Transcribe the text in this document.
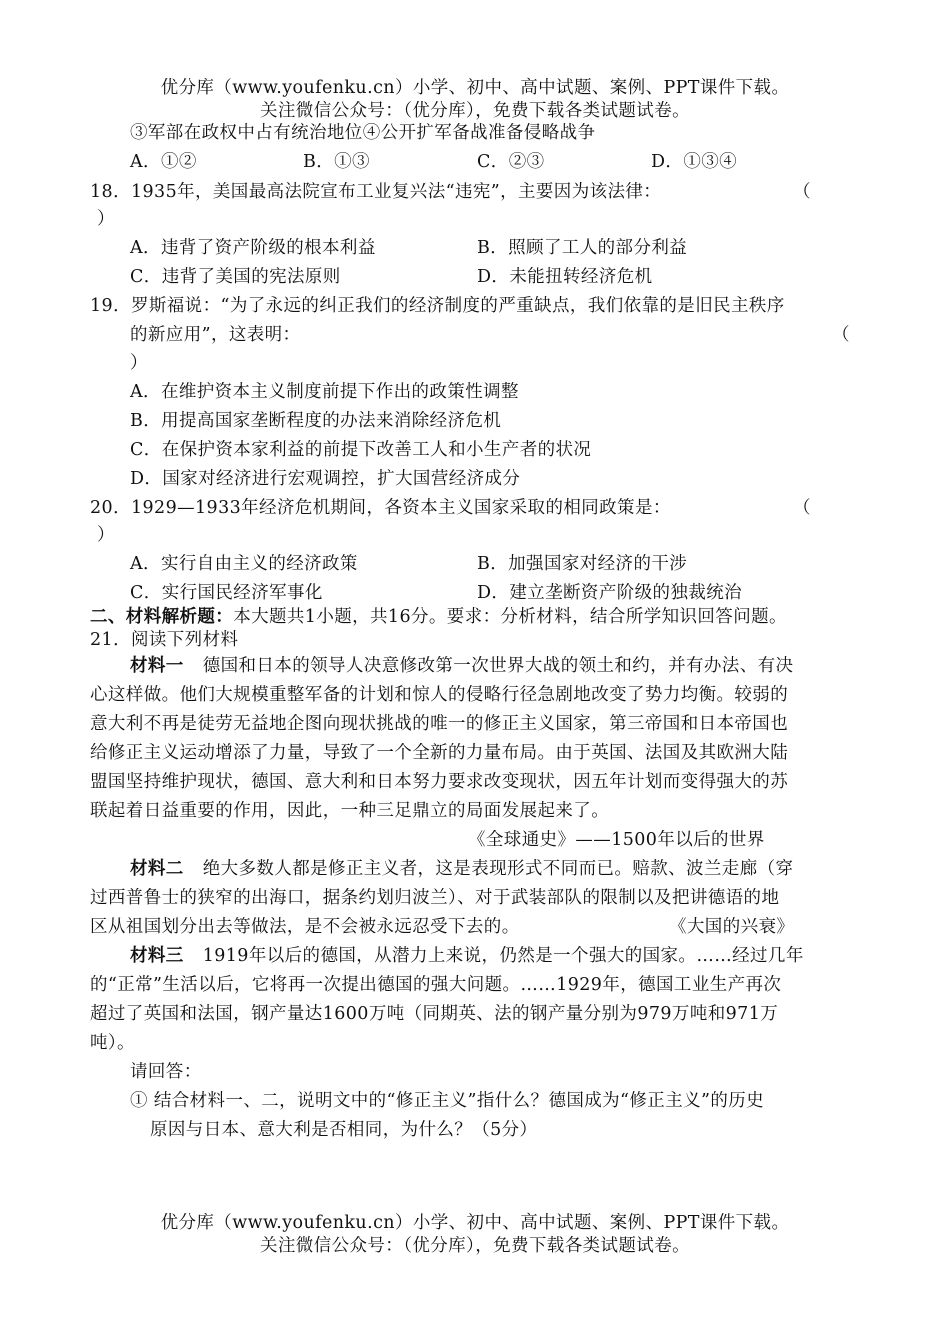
优分库（www.youfenku.cn）小学、初中、高中试题、案例、PPT课件下载。
关注微信公众号：（优分库），免费下载各类试题试卷。
③军部在政权中占有统治地位④公开扩军备战准备侵略战争
A．①②	B．①③	C．②③	D．①③④
18．1935年，美国最高法院宣布工业复兴法“违宪”，主要因为该法律：	（
）
A．违背了资产阶级的根本利益	B．照顾了工人的部分利益
C．违背了美国的宪法原则	D．未能扭转经济危机
19．罗斯福说：“为了永远的纠正我们的经济制度的严重缺点，我们依靠的是旧民主秩序
的新应用”，这表明：	（
）
A．在维护资本主义制度前提下作出的政策性调整
B．用提高国家垄断程度的办法来消除经济危机
C．在保护资本家利益的前提下改善工人和小生产者的状况
D．国家对经济进行宏观调控，扩大国营经济成分
20．1929—1933年经济危机期间，各资本主义国家采取的相同政策是：	（
）
A．实行自由主义的经济政策	B．加强国家对经济的干涉
C．实行国民经济军事化	D．建立垄断资产阶级的独裁统治
二、材料解析题：本大题共1小题，共16分。要求：分析材料，结合所学知识回答问题。
21．阅读下列材料
材料一 德国和日本的领导人决意修改第一次世界大战的领土和约，并有办法、有决
心这样做。他们大规模重整军备的计划和惊人的侵略行径急剧地改变了势力均衡。较弱的
意大利不再是徒劳无益地企图向现状挑战的唯一的修正主义国家，第三帝国和日本帝国也
给修正主义运动增添了力量，导致了一个全新的力量布局。由于英国、法国及其欧洲大陆
盟国坚持维护现状，德国、意大利和日本努力要求改变现状，因五年计划而变得强大的苏
联起着日益重要的作用，因此，一种三足鼎立的局面发展起来了。
《全球通史》——1500年以后的世界
材料二 绝大多数人都是修正主义者，这是表现形式不同而已。赔款、波兰走廊（穿
过西普鲁士的狭窄的出海口，据条约划归波兰）、对于武装部队的限制以及把讲德语的地
区从祖国划分出去等做法，是不会被永远忍受下去的。	《大国的兴衰》
材料三 1919年以后的德国，从潜力上来说，仍然是一个强大的国家。……经过几年
的“正常”生活以后，它将再一次提出德国的强大问题。……1929年，德国工业生产再次
超过了英国和法国，钢产量达1600万吨（同期英、法的钢产量分别为979万吨和971万
吨）。
请回答：
① 结合材料一、二，说明文中的“修正主义”指什么？德国成为“修正主义”的历史
原因与日本、意大利是否相同，为什么？（5分）
优分库（www.youfenku.cn）小学、初中、高中试题、案例、PPT课件下载。
关注微信公众号：（优分库），免费下载各类试题试卷。
